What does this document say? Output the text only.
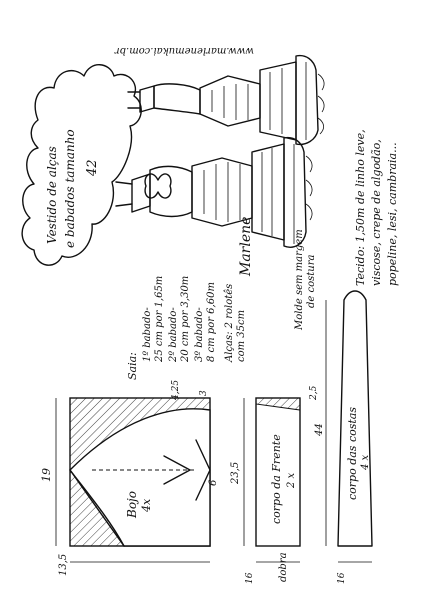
Vestido de alças e babados tamanho 42
www.marlenemukai.com.br
Marlene	Molde sem margem de costura	Tecido: 1,50m de linho leve, viscose, crepe de algodão, popeline, lesi, cambraia...
Saia:
1º babado- 25 cm por 1,65m 2º babado- 20 cm por 3,30m 3º babado- 8 cm por 6,60m Alças: 2 rolotês com 35cm
19
13,5
4,25 3
6
Bojo 4x
23,5
2,5
16
corpo da Frente 2 x
dobra
44
16
corpo das costas 4 x
